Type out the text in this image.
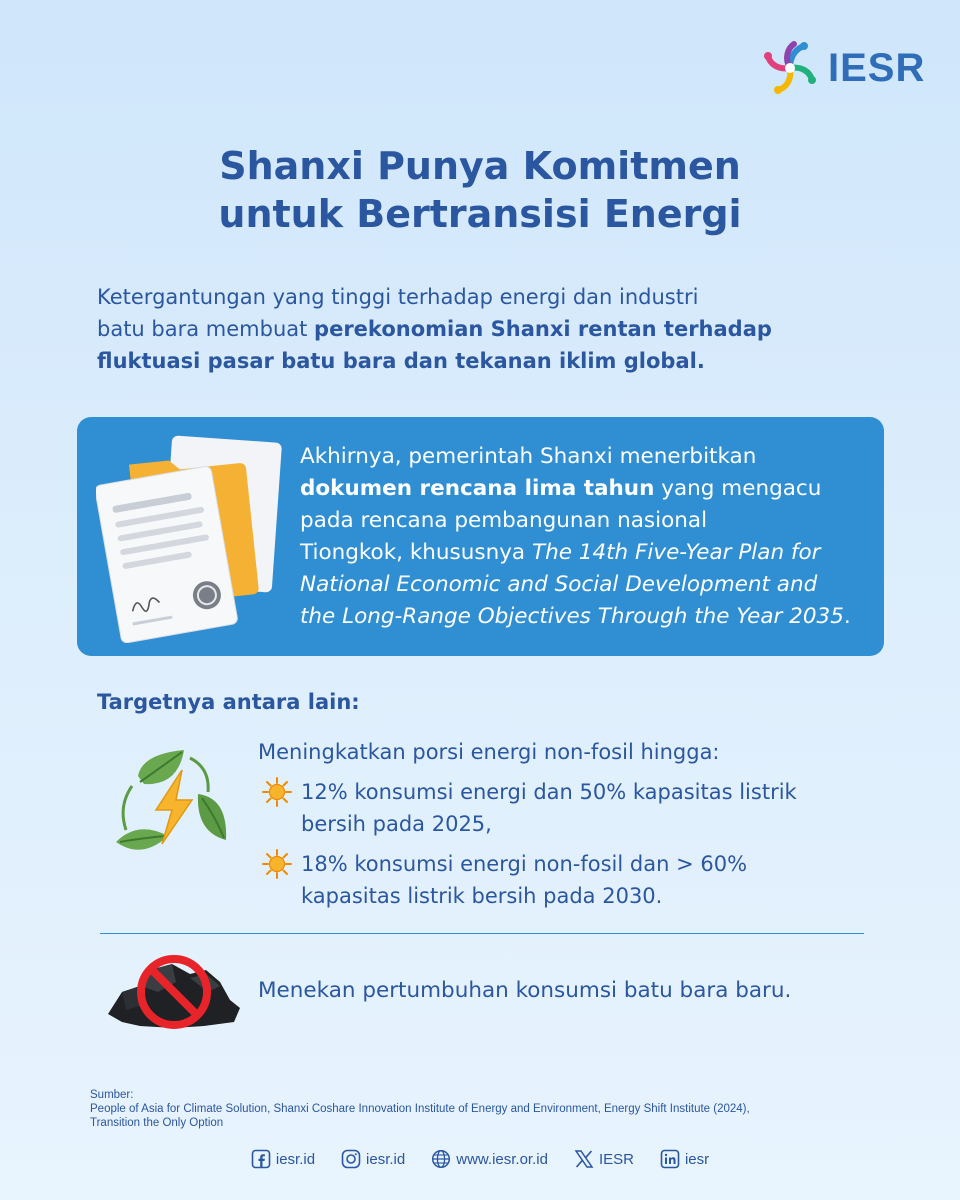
IESR
Shanxi Punya Komitmen
untuk Bertransisi Energi
Ketergantungan yang tinggi terhadap energi dan industri
batu bara membuat perekonomian Shanxi rentan terhadap
fluktuasi pasar batu bara dan tekanan iklim global.
Akhirnya, pemerintah Shanxi menerbitkan
dokumen rencana lima tahun yang mengacu
pada rencana pembangunan nasional
Tiongkok, khususnya The 14th Five-Year Plan for
National Economic and Social Development and
the Long-Range Objectives Through the Year 2035.
Targetnya antara lain:
Meningkatkan porsi energi non-fosil hingga:
12% konsumsi energi dan 50% kapasitas listrik
bersih pada 2025,
18% konsumsi energi non-fosil dan > 60%
kapasitas listrik bersih pada 2030.
Menekan pertumbuhan konsumsi batu bara baru.
Sumber:
People of Asia for Climate Solution, Shanxi Coshare Innovation Institute of Energy and Environment, Energy Shift Institute (2024),
Transition the Only Option
iesr.id	iesr.id	www.iesr.or.id	IESR	iesr
